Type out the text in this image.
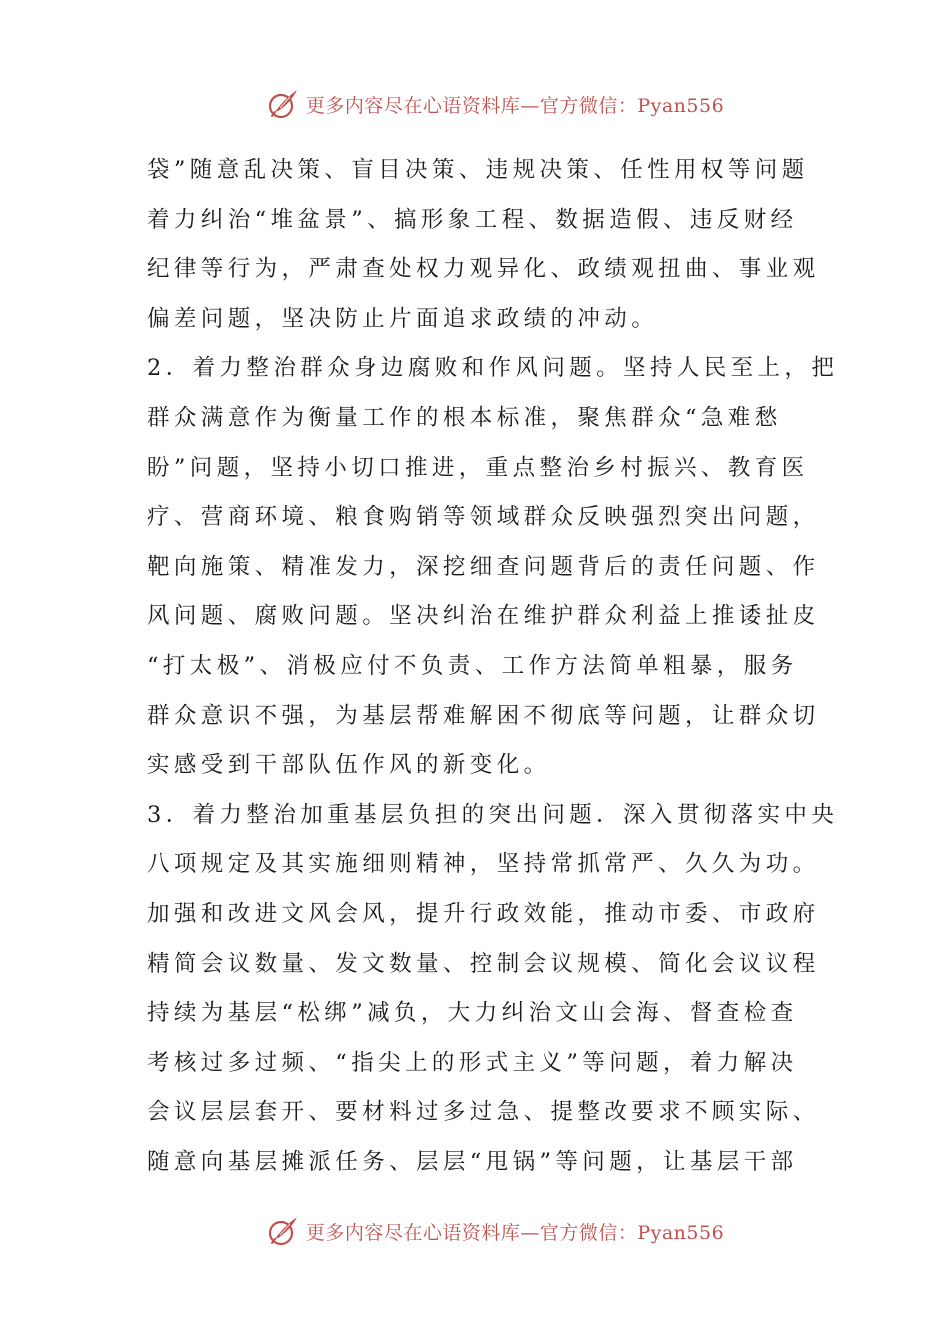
更多内容尽在心语资料库—官方微信：Pyan556
袋”随意乱决策、盲目决策、违规决策、任性用权等问题
着力纠治“堆盆景”、搞形象工程、数据造假、违反财经
纪律等行为，严肃查处权力观异化、政绩观扭曲、事业观
偏差问题，坚决防止片面追求政绩的冲动。
2．着力整治群众身边腐败和作风问题。坚持人民至上，把
群众满意作为衡量工作的根本标准，聚焦群众“急难愁
盼”问题，坚持小切口推进，重点整治乡村振兴、教育医
疗、营商环境、粮食购销等领域群众反映强烈突出问题，
靶向施策、精准发力，深挖细查问题背后的责任问题、作
风问题、腐败问题。坚决纠治在维护群众利益上推诿扯皮
“打太极”、消极应付不负责、工作方法简单粗暴，服务
群众意识不强，为基层帮难解困不彻底等问题，让群众切
实感受到干部队伍作风的新变化。
3．着力整治加重基层负担的突出问题．深入贯彻落实中央
八项规定及其实施细则精神，坚持常抓常严、久久为功。
加强和改进文风会风，提升行政效能，推动市委、市政府
精简会议数量、发文数量、控制会议规模、简化会议议程
持续为基层“松绑”减负，大力纠治文山会海、督查检查
考核过多过频、“指尖上的形式主义”等问题，着力解决
会议层层套开、要材料过多过急、提整改要求不顾实际、
随意向基层摊派任务、层层“甩锅”等问题，让基层干部
更多内容尽在心语资料库—官方微信：Pyan556
